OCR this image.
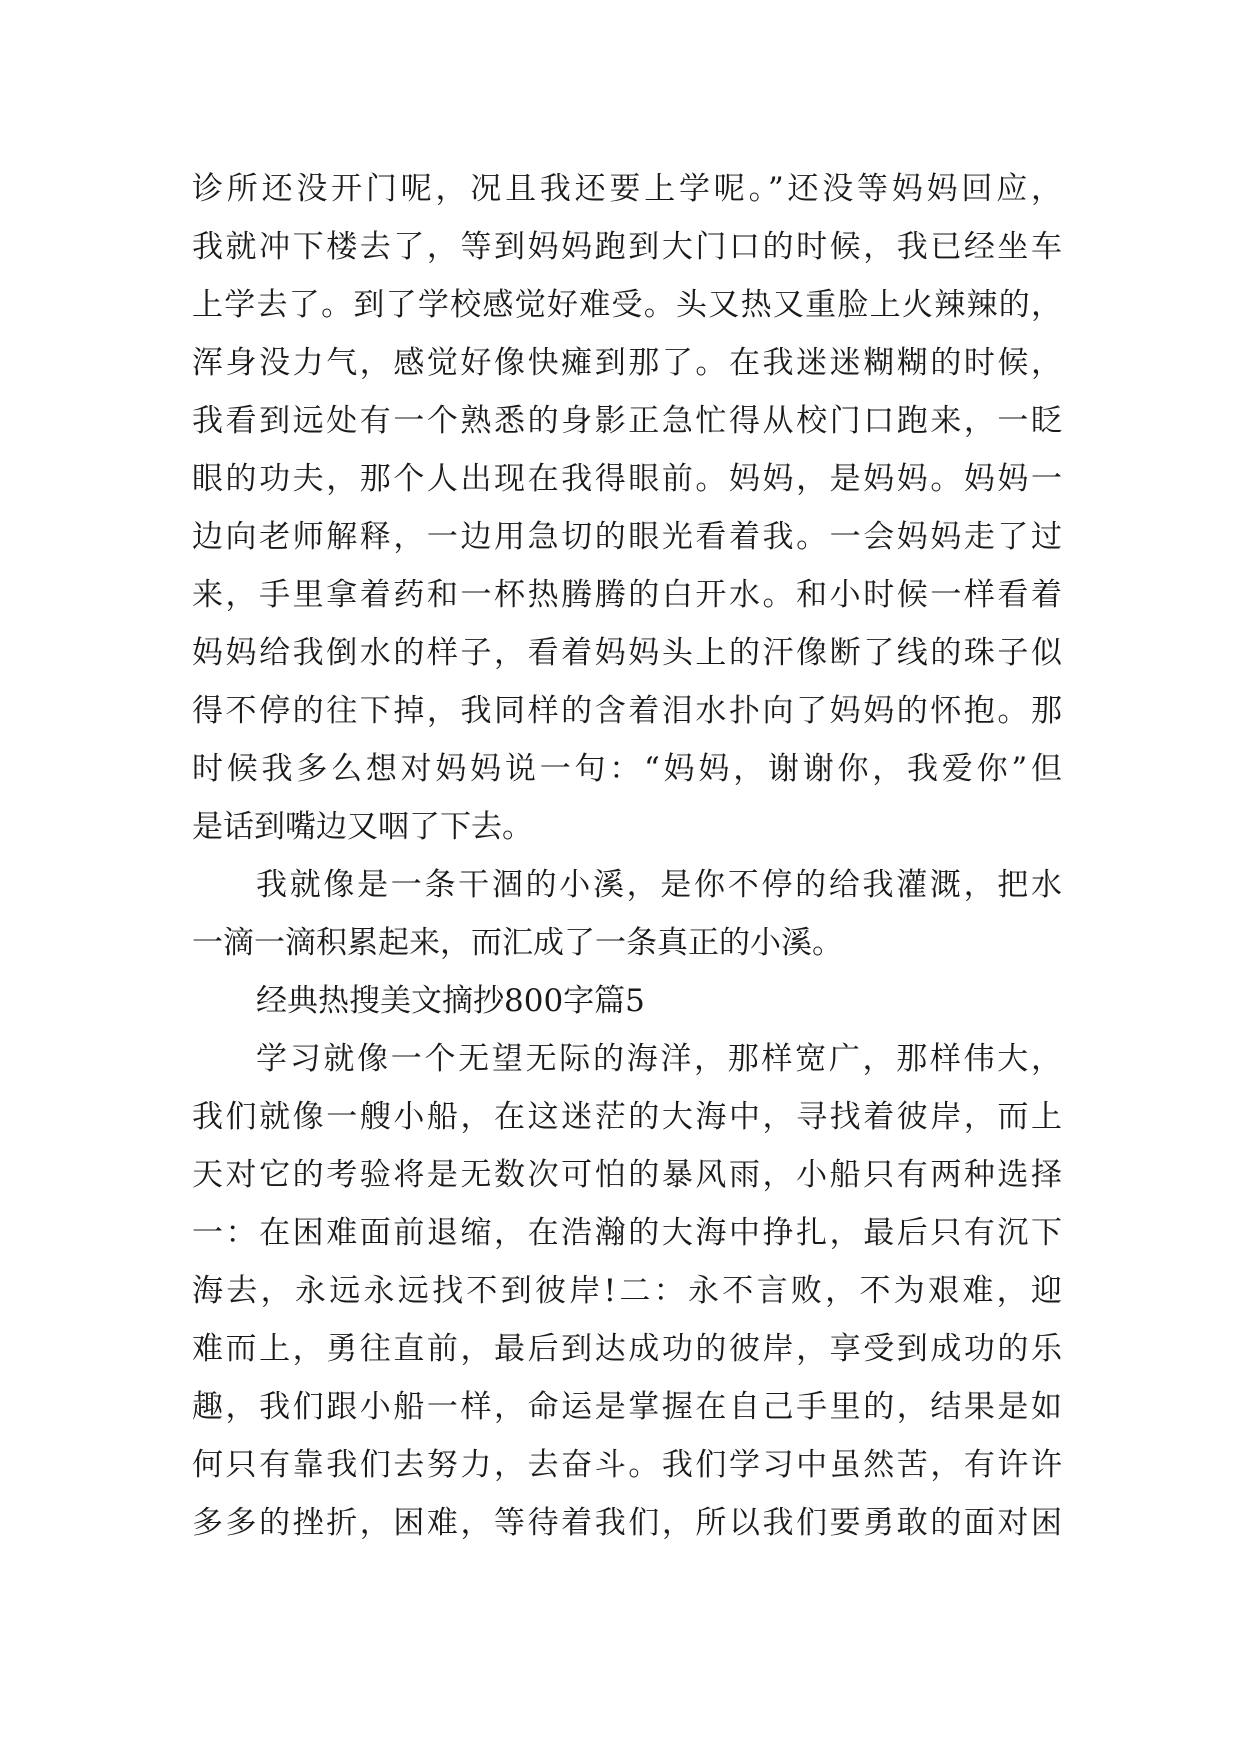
诊所还没开门呢，况且我还要上学呢。”还没等妈妈回应，
我就冲下楼去了，等到妈妈跑到大门口的时候，我已经坐车
上学去了。到了学校感觉好难受。头又热又重脸上火辣辣的，
浑身没力气，感觉好像快瘫到那了。在我迷迷糊糊的时候，
我看到远处有一个熟悉的身影正急忙得从校门口跑来，一眨
眼的功夫，那个人出现在我得眼前。妈妈，是妈妈。妈妈一
边向老师解释，一边用急切的眼光看着我。一会妈妈走了过
来，手里拿着药和一杯热腾腾的白开水。和小时候一样看着
妈妈给我倒水的样子，看着妈妈头上的汗像断了线的珠子似
得不停的往下掉，我同样的含着泪水扑向了妈妈的怀抱。那
时候我多么想对妈妈说一句：“妈妈，谢谢你，我爱你”但
是话到嘴边又咽了下去。
我就像是一条干涸的小溪，是你不停的给我灌溉，把水
一滴一滴积累起来，而汇成了一条真正的小溪。
经典热搜美文摘抄800字篇5
学习就像一个无望无际的海洋，那样宽广，那样伟大，
我们就像一艘小船，在这迷茫的大海中，寻找着彼岸，而上
天对它的考验将是无数次可怕的暴风雨，小船只有两种选择
一：在困难面前退缩，在浩瀚的大海中挣扎，最后只有沉下
海去，永远永远找不到彼岸!二：永不言败，不为艰难，迎
难而上，勇往直前，最后到达成功的彼岸，享受到成功的乐
趣，我们跟小船一样，命运是掌握在自己手里的，结果是如
何只有靠我们去努力，去奋斗。我们学习中虽然苦，有许许
多多的挫折，困难，等待着我们，所以我们要勇敢的面对困
